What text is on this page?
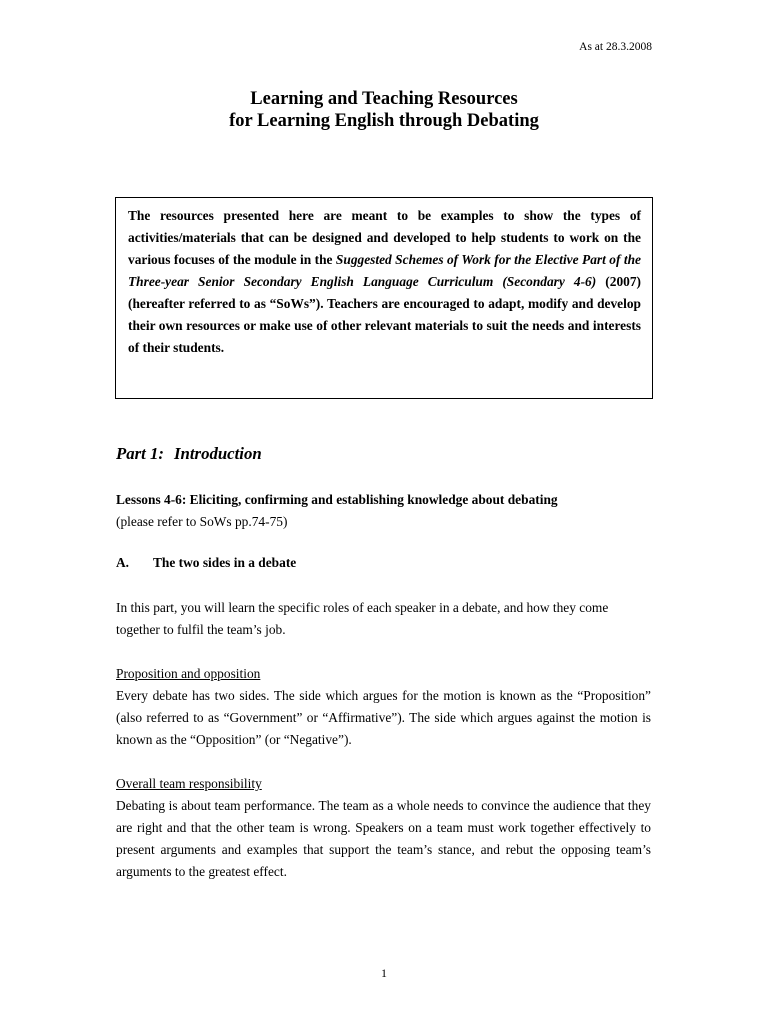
As at 28.3.2008
Learning and Teaching Resources
for Learning English through Debating
The resources presented here are meant to be examples to show the types of activities/materials that can be designed and developed to help students to work on the various focuses of the module in the Suggested Schemes of Work for the Elective Part of the Three-year Senior Secondary English Language Curriculum (Secondary 4-6) (2007) (hereafter referred to as “SoWs”). Teachers are encouraged to adapt, modify and develop their own resources or make use of other relevant materials to suit the needs and interests of their students.
Part 1: Introduction
Lessons 4-6: Eliciting, confirming and establishing knowledge about debating
(please refer to SoWs pp.74-75)
A. The two sides in a debate
In this part, you will learn the specific roles of each speaker in a debate, and how they come together to fulfil the team’s job.
Proposition and opposition
Every debate has two sides. The side which argues for the motion is known as the “Proposition” (also referred to as “Government” or “Affirmative”). The side which argues against the motion is known as the “Opposition” (or “Negative”).
Overall team responsibility
Debating is about team performance. The team as a whole needs to convince the audience that they are right and that the other team is wrong. Speakers on a team must work together effectively to present arguments and examples that support the team’s stance, and rebut the opposing team’s arguments to the greatest effect.
1
